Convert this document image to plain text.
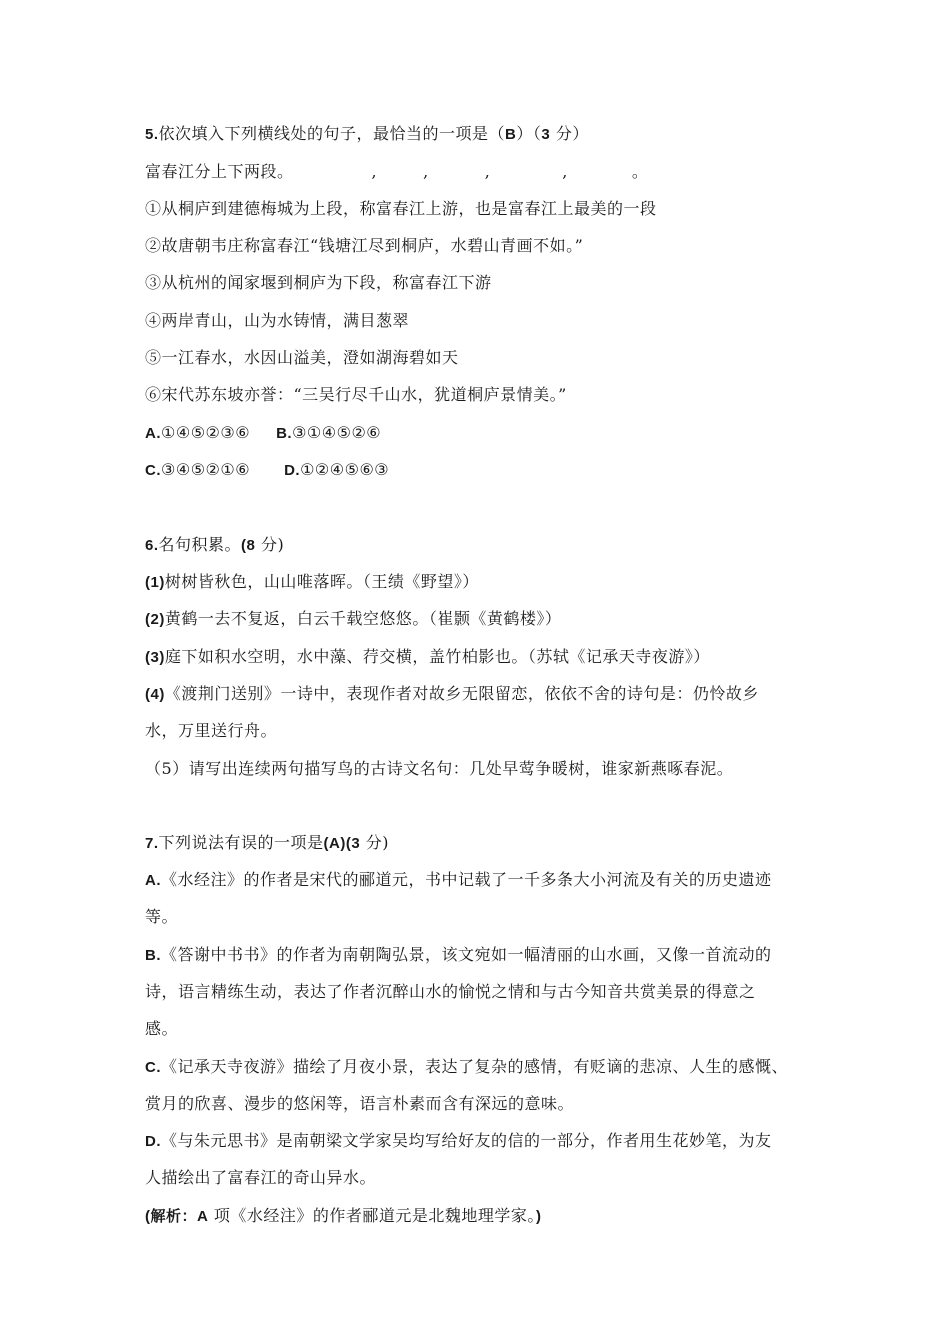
5.依次填入下列横线处的句子，最恰当的一项是（B）（3 分）
富春江分上下两段。	,	,	,	,	。
①从桐庐到建德梅城为上段，称富春江上游，也是富春江上最美的一段
②故唐朝韦庄称富春江“钱塘江尽到桐庐，水碧山青画不如。”
③从杭州的闻家堰到桐庐为下段，称富春江下游
④两岸青山，山为水铸情，满目葱翠
⑤一江春水，水因山溢美，澄如湖海碧如天
⑥宋代苏东坡亦誉：“三吴行尽千山水，犹道桐庐景情美。”
A.①④⑤②③⑥ B.③①④⑤②⑥
C.③④⑤②①⑥ D.①②④⑤⑥③
6.名句积累。(8 分)
(1)树树皆秋色，山山唯落晖。（王绩《野望》）
(2)黄鹤一去不复返，白云千载空悠悠。（崔颢《黄鹤楼》）
(3)庭下如积水空明，水中藻、荇交横，盖竹柏影也。（苏轼《记承天寺夜游》）
(4)《渡荆门送别》一诗中，表现作者对故乡无限留恋，依依不舍的诗句是：仍怜故乡
水，万里送行舟。
（5）请写出连续两句描写鸟的古诗文名句：几处早莺争暖树，谁家新燕啄春泥。
7.下列说法有误的一项是(A)(3 分)
A.《水经注》的作者是宋代的郦道元，书中记载了一千多条大小河流及有关的历史遗迹
等。
B.《答谢中书书》的作者为南朝陶弘景，该文宛如一幅清丽的山水画，又像一首流动的
诗，语言精练生动，表达了作者沉醉山水的愉悦之情和与古今知音共赏美景的得意之
感。
C.《记承天寺夜游》描绘了月夜小景，表达了复杂的感情，有贬谪的悲凉、人生的感慨、
赏月的欣喜、漫步的悠闲等，语言朴素而含有深远的意味。
D.《与朱元思书》是南朝梁文学家吴均写给好友的信的一部分，作者用生花妙笔，为友
人描绘出了富春江的奇山异水。
(解析：A 项《水经注》的作者郦道元是北魏地理学家。)
